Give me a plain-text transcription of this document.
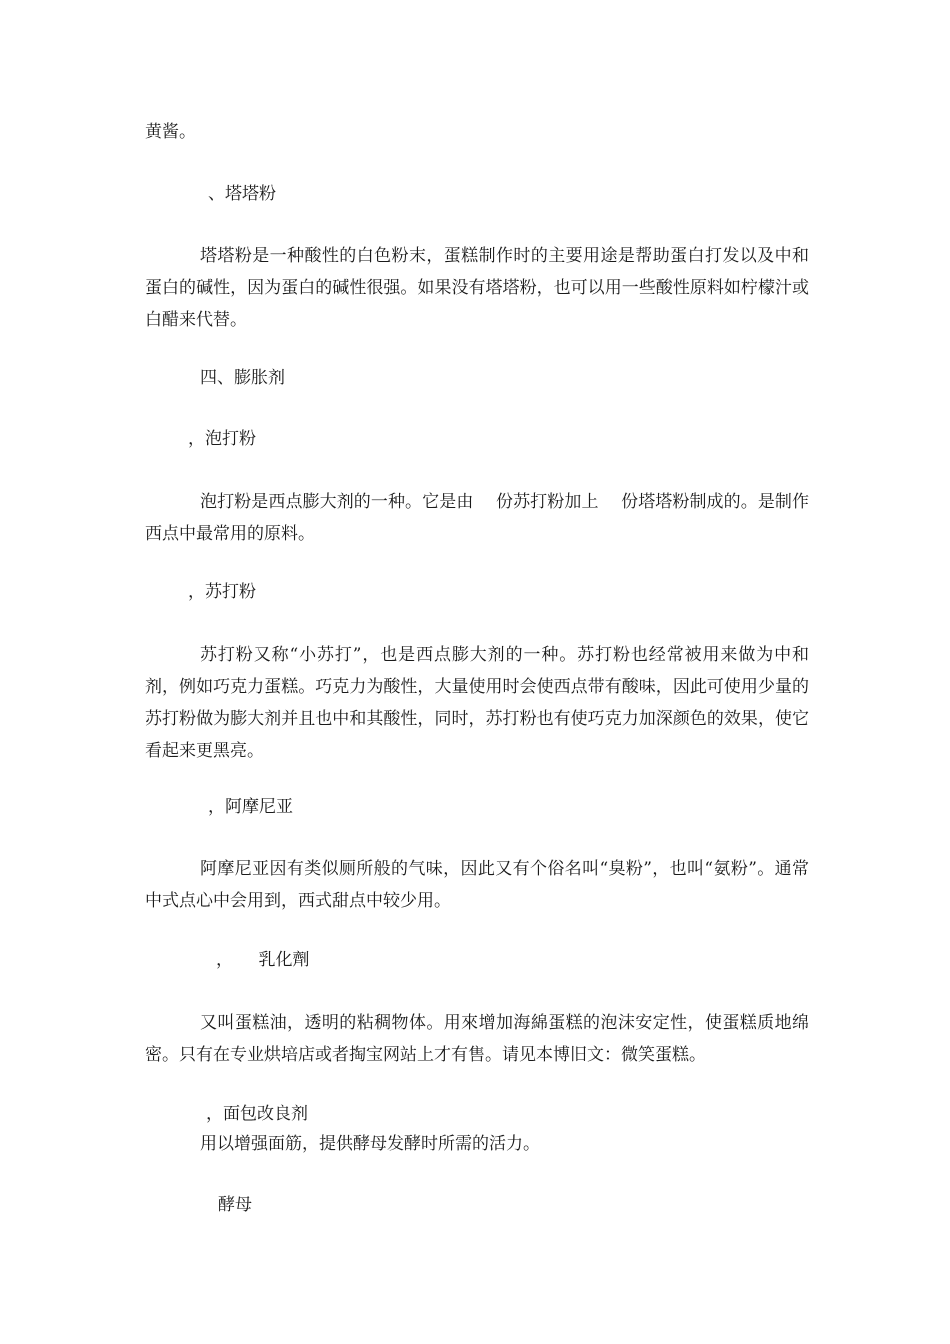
黄酱。
、塔塔粉
塔塔粉是一种酸性的白色粉末，蛋糕制作时的主要用途是帮助蛋白打发以及中和蛋白的碱性，因为蛋白的碱性很强。如果没有塔塔粉，也可以用一些酸性原料如柠檬汁或白醋来代替。
四、膨胀剂
，泡打粉
泡打粉是西点膨大剂的一种。它是由　 份苏打粉加上　 份塔塔粉制成的。是制作西点中最常用的原料。
，苏打粉
苏打粉又称“小苏打”，也是西点膨大剂的一种。苏打粉也经常被用来做为中和剂，例如巧克力蛋糕。巧克力为酸性，大量使用时会使西点带有酸味，因此可使用少量的苏打粉做为膨大剂并且也中和其酸性，同时，苏打粉也有使巧克力加深颜色的效果，使它看起来更黑亮。
，阿摩尼亚
阿摩尼亚因有类似厕所般的气味，因此又有个俗名叫“臭粉”，也叫“氨粉”。通常中式点心中会用到，西式甜点中较少用。
，　　乳化劑
又叫蛋糕油，透明的粘稠物体。用來增加海綿蛋糕的泡沫安定性，使蛋糕质地绵密。只有在专业烘培店或者掏宝网站上才有售。请见本博旧文：微笑蛋糕。
，面包改良剂
用以增强面筋，提供酵母发酵时所需的活力。
酵母
